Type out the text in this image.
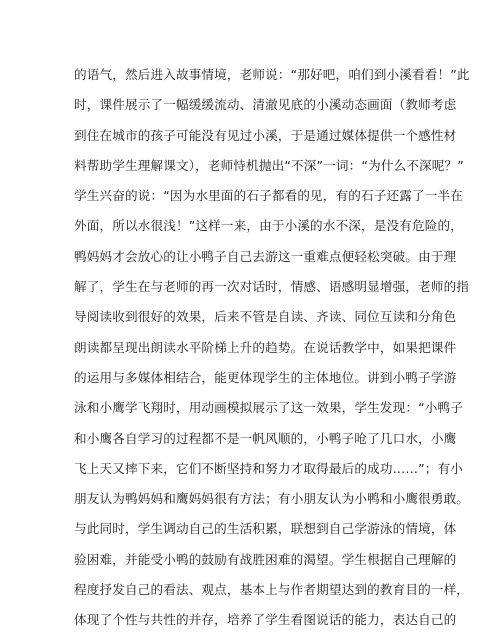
的语气，然后进入故事情境，老师说：“那好吧，咱们到小溪看看！”此
时，课件展示了一幅缓缓流动、清澈见底的小溪动态画面（教师考虑
到住在城市的孩子可能没有见过小溪，于是通过媒体提供一个感性材
料帮助学生理解课文），老师恃机抛出“不深”一词：“为什么不深呢？”
学生兴奋的说：“因为水里面的石子都看的见，有的石子还露了一半在
外面，所以水很浅！”这样一来，由于小溪的水不深，是没有危险的，
鸭妈妈才会放心的让小鸭子自己去游这一重难点便轻松突破。由于理
解了，学生在与老师的再一次对话时，情感、语感明显增强，老师的指
导阅读收到很好的效果，后来不管是自读、齐读、同位互读和分角色
朗读都呈现出朗读水平阶梯上升的趋势。在说话教学中，如果把课件
的运用与多媒体相结合，能更体现学生的主体地位。讲到小鸭子学游
泳和小鹰学飞翔时，用动画模拟展示了这一效果，学生发现：“小鸭子
和小鹰各自学习的过程都不是一帆风顺的，小鸭子呛了几口水，小鹰
飞上天又摔下来，它们不断坚持和努力才取得最后的成功……”；有小
朋友认为鸭妈妈和鹰妈妈很有方法；有小朋友认为小鸭和小鹰很勇敢。
与此同时，学生调动自己的生活积累，联想到自己学游泳的情境，体
验困难，并能受小鸭的鼓励有战胜困难的渴望。学生根据自己理解的
程度抒发自己的看法、观点，基本上与作者期望达到的教育目的一样，
体现了个性与共性的并存，培养了学生看图说话的能力，表达自己的
